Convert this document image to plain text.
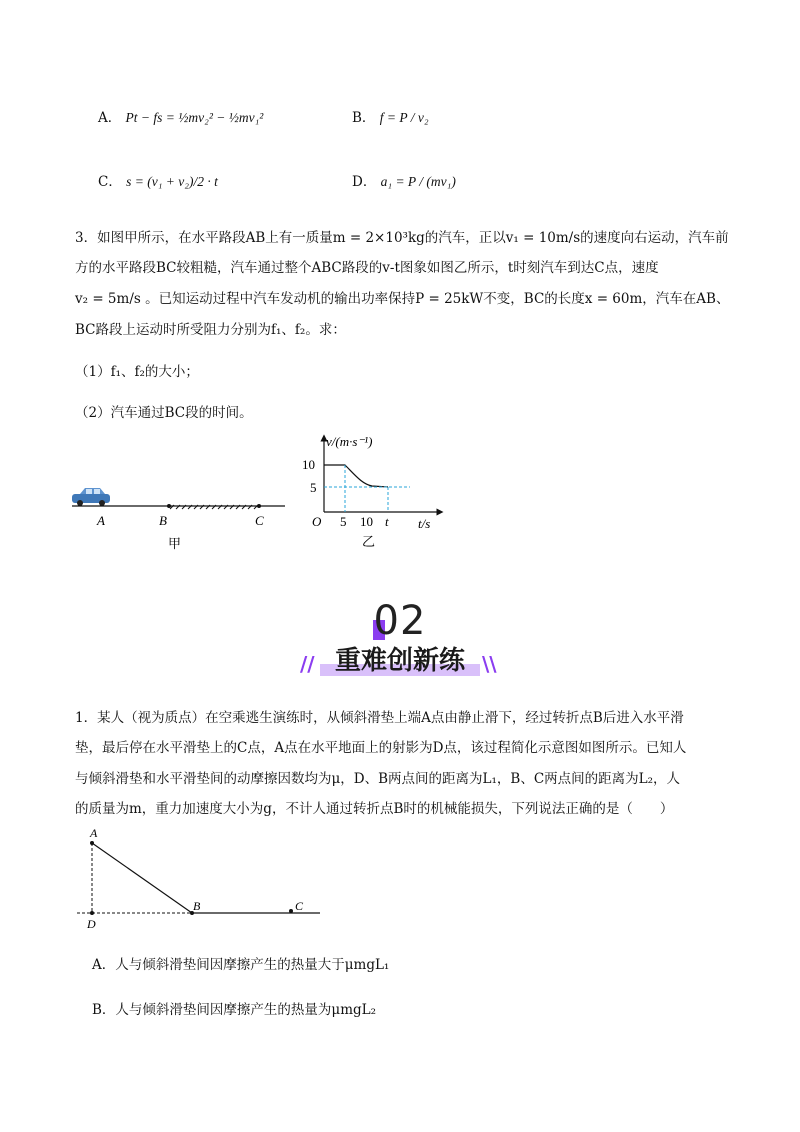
A． Pt − fs = ½mv₂² − ½mv₁²	B． f = P / v₂
C． s = (v₁ + v₂)/2 · t	D． a₁ = P / (mv₁)
3．如图甲所示，在水平路段AB上有一质量m = 2×10³kg的汽车，正以v₁ = 10m/s的速度向右运动，汽车前
方的水平路段BC较粗糙，汽车通过整个ABC路段的v-t图象如图乙所示，t时刻汽车到达C点，速度
v₂ = 5m/s 。已知运动过程中汽车发动机的输出功率保持P = 25kW不变，BC的长度x = 60m，汽车在AB、
BC路段上运动时所受阻力分别为f₁、f₂。求：
（1）f₁、f₂的大小；
（2）汽车通过BC段的时间。
A	B	C
甲
v/(m·s⁻¹)
O
10
5
5 10 t t/s
乙
02
//	\\
重难创新练
1．某人（视为质点）在空乘逃生演练时，从倾斜滑垫上端A点由静止滑下，经过转折点B后进入水平滑
垫，最后停在水平滑垫上的C点，A点在水平地面上的射影为D点，该过程简化示意图如图所示。已知人
与倾斜滑垫和水平滑垫间的动摩擦因数均为μ，D、B两点间的距离为L₁，B、C两点间的距离为L₂，人
的质量为m，重力加速度大小为g，不计人通过转折点B时的机械能损失，下列说法正确的是（　　）
A
D
B	C
A．人与倾斜滑垫间因摩擦产生的热量大于μmgL₁
B．人与倾斜滑垫间因摩擦产生的热量为μmgL₂
